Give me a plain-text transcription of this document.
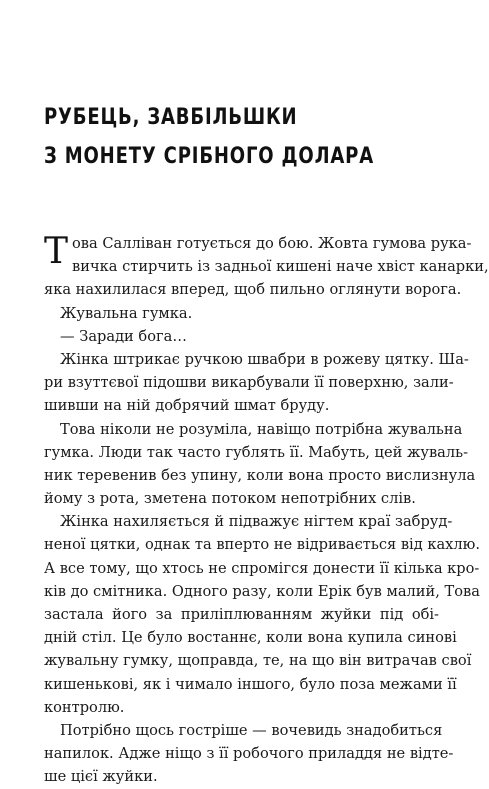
РУБЕЦЬ, ЗАВБІЛЬШКИ
З МОНЕТУ СРІБНОГО ДОЛАРА
Т ова Салліван готується до бою. Жовта гумова рука-
вичка стирчить із задньої кишені наче хвіст канарки,
яка нахилилася вперед, щоб пильно оглянути ворога.
Жувальна гумка.
— Заради бога…
Жінка штрикає ручкою швабри в рожеву цятку. Ша-
ри взуттєвої підошви викарбували її поверхню, зали-
шивши на ній добрячий шмат бруду.
Това ніколи не розуміла, навіщо потрібна жувальна
гумка. Люди так часто гублять її. Мабуть, цей жуваль-
ник теревенив без упину, коли вона просто вислизнула
йому з рота, зметена потоком непотрібних слів.
Жінка нахиляється й підважує нігтем краї забруд-
неної цятки, однак та вперто не відривається від кахлю.
А все тому, що хтось не спромігся донести її кілька кро-
ків до смітника. Одного разу, коли Ерік був малий, Това
застала його за приліплюванням жуйки під обі-
дній стіл. Це було востаннє, коли вона купила синові
жувальну гумку, щоправда, те, на що він витрачав свої
кишенькові, як і чимало іншого, було поза межами її
контролю.
Потрібно щось гостріше — вочевидь знадобиться
напилок. Адже ніщо з її робочого приладдя не відте-
ше цієї жуйки.
